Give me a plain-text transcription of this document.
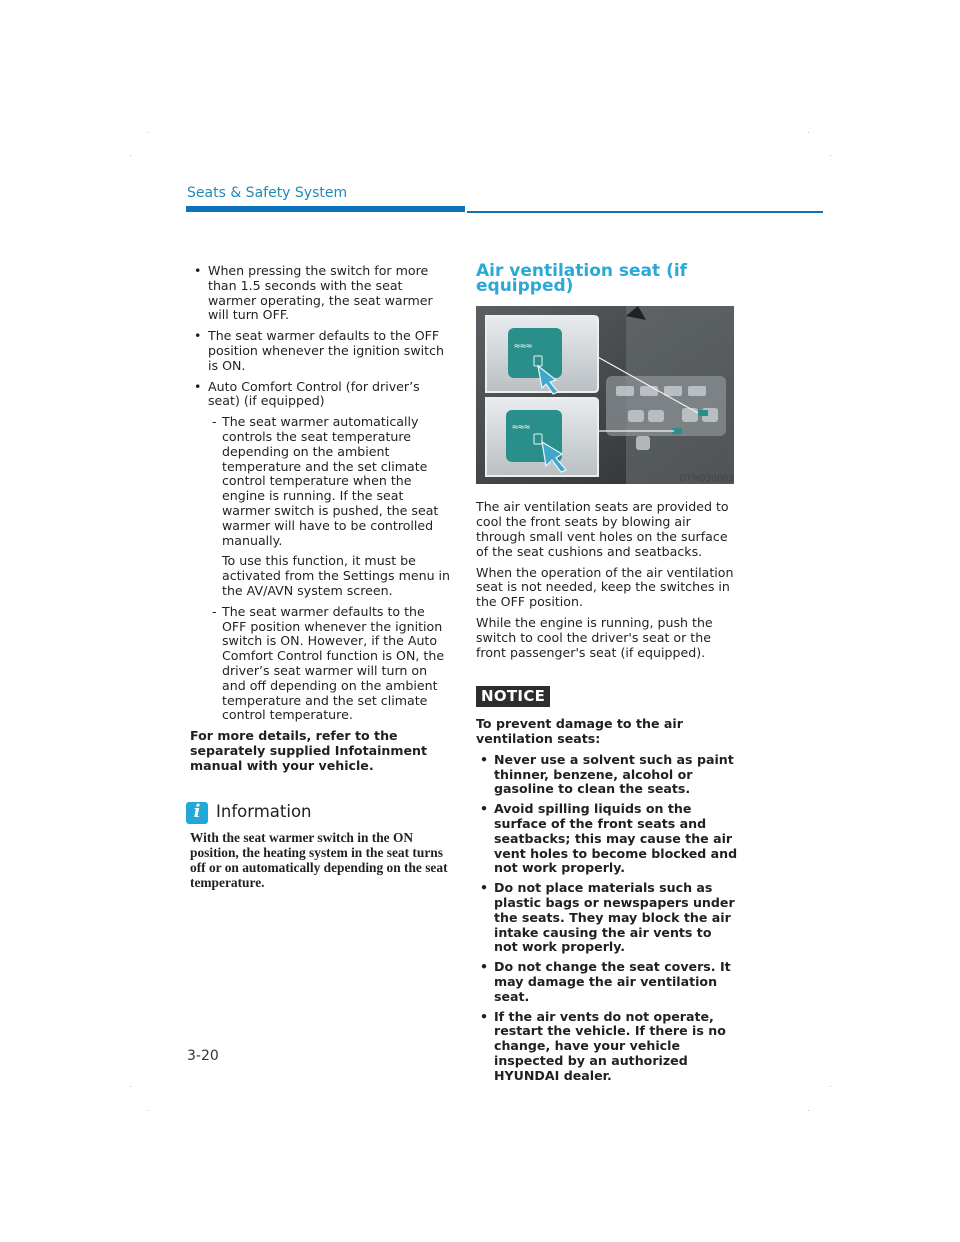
Seats & Safety System
• When pressing the switch for more than 1.5 seconds with the seat warmer operating, the seat warmer will turn OFF.
• The seat warmer defaults to the OFF position whenever the ignition switch is ON.
• Auto Comfort Control (for driver’s seat) (if equipped)
- The seat warmer automatically controls the seat temperature depending on the ambient temperature and the set climate control temperature when the engine is running. If the seat warmer switch is pushed, the seat warmer will have to be controlled manually.
To use this function, it must be activated from the Settings menu in the AV/AVN system screen.
- The seat warmer defaults to the OFF position whenever the ignition switch is ON. However, if the Auto Comfort Control function is ON, the driver’s seat warmer will turn on and off depending on the ambient temperature and the set climate control temperature.
For more details, refer to the separately supplied Infotainment manual with your vehicle.
i Information
With the seat warmer switch in the ON position, the heating system in the seat turns off or on automatically depending on the seat temperature.
Air ventilation seat (if equipped)
≈≈≈
≈≈≈
OTM030003

The air ventilation seats are provided to cool the front seats by blowing air through small vent holes on the surface of the seat cushions and seatbacks.

When the operation of the air ventilation seat is not needed, keep the switches in the OFF position.

While the engine is running, push the switch to cool the driver's seat or the front passenger's seat (if equipped).

NOTICE
To prevent damage to the air ventilation seats:
• Never use a solvent such as paint thinner, benzene, alcohol or gasoline to clean the seats.
• Avoid spilling liquids on the surface of the front seats and seatbacks; this may cause the air vent holes to become blocked and not work properly.
• Do not place materials such as plastic bags or newspapers under the seats. They may block the air intake causing the air vents to not work properly.
• Do not change the seat covers. It may damage the air ventilation seat.
• If the air vents do not operate, restart the vehicle. If there is no change, have your vehicle inspected by an authorized HYUNDAI dealer.
3-20
